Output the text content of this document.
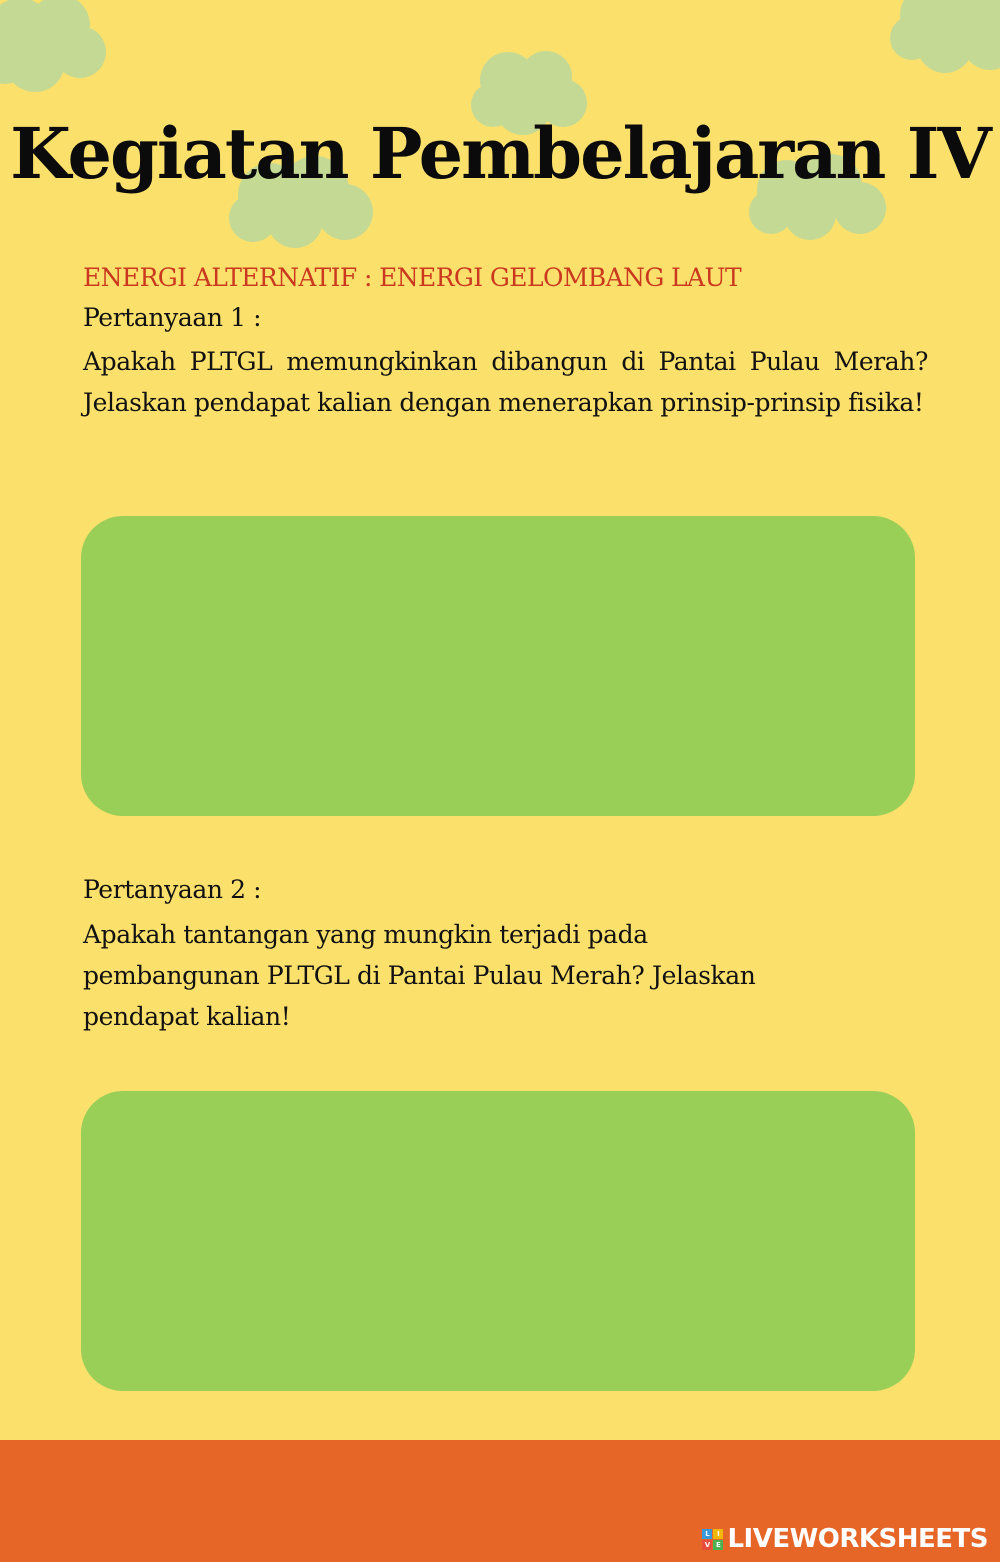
Kegiatan Pembelajaran IV

ENERGI ALTERNATIF : ENERGI GELOMBANG LAUT

Pertanyaan 1 :

Apakah PLTGL memungkinkan dibangun di Pantai Pulau Merah? Jelaskan pendapat kalian dengan menerapkan prinsip-prinsip fisika!

Pertanyaan 2 :

Apakah tantangan yang mungkin terjadi pada
pembangunan PLTGL di Pantai Pulau Merah? Jelaskan
pendapat kalian!
L	I
V E LIVEWORKSHEETS
